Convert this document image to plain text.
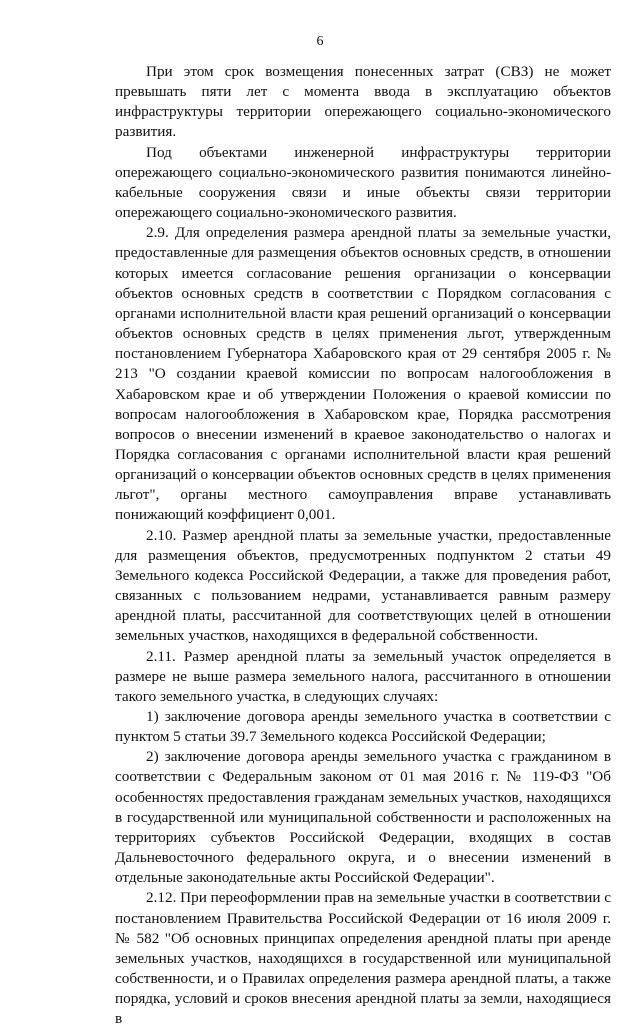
6

При этом срок возмещения понесенных затрат (СВЗ) не может превышать пяти лет с момента ввода в эксплуатацию объектов инфраструктуры территории опережающего социально-экономического развития.

Под объектами инженерной инфраструктуры территории опережающего социально-экономического развития понимаются линейно-кабельные сооружения связи и иные объекты связи территории опережающего социально-экономического развития.

2.9. Для определения размера арендной платы за земельные участки, предоставленные для размещения объектов основных средств, в отношении которых имеется согласование решения организации о консервации объектов основных средств в соответствии с Порядком согласования с органами исполнительной власти края решений организаций о консервации объектов основных средств в целях применения льгот, утвержденным постановлением Губернатора Хабаровского края от 29 сентября 2005 г. № 213 "О создании краевой комиссии по вопросам налогообложения в Хабаровском крае и об утверждении Положения о краевой комиссии по вопросам налогообложения в Хабаровском крае, Порядка рассмотрения вопросов о внесении изменений в краевое законодательство о налогах и Порядка согласования с органами исполнительной власти края решений организаций о консервации объектов основных средств в целях применения льгот", органы местного самоуправления вправе устанавливать понижающий коэффициент 0,001.

2.10. Размер арендной платы за земельные участки, предоставленные для размещения объектов, предусмотренных подпунктом 2 статьи 49 Земельного кодекса Российской Федерации, а также для проведения работ, связанных с пользованием недрами, устанавливается равным размеру арендной платы, рассчитанной для соответствующих целей в отношении земельных участков, находящихся в федеральной собственности.

2.11. Размер арендной платы за земельный участок определяется в размере не выше размера земельного налога, рассчитанного в отношении такого земельного участка, в следующих случаях:

1) заключение договора аренды земельного участка в соответствии с пунктом 5 статьи 39.7 Земельного кодекса Российской Федерации;

2) заключение договора аренды земельного участка с гражданином в соответствии с Федеральным законом от 01 мая 2016 г. № 119-ФЗ "Об особенностях предоставления гражданам земельных участков, находящихся в государственной или муниципальной собственности и расположенных на территориях субъектов Российской Федерации, входящих в состав Дальневосточного федерального округа, и о внесении изменений в отдельные законодательные акты Российской Федерации".

2.12. При переоформлении прав на земельные участки в соответствии с постановлением Правительства Российской Федерации от 16 июля 2009 г. № 582 "Об основных принципах определения арендной платы при аренде земельных участков, находящихся в государственной или муниципальной собственности, и о Правилах определения размера арендной платы, а также порядка, условий и сроков внесения арендной платы за земли, находящиеся в
